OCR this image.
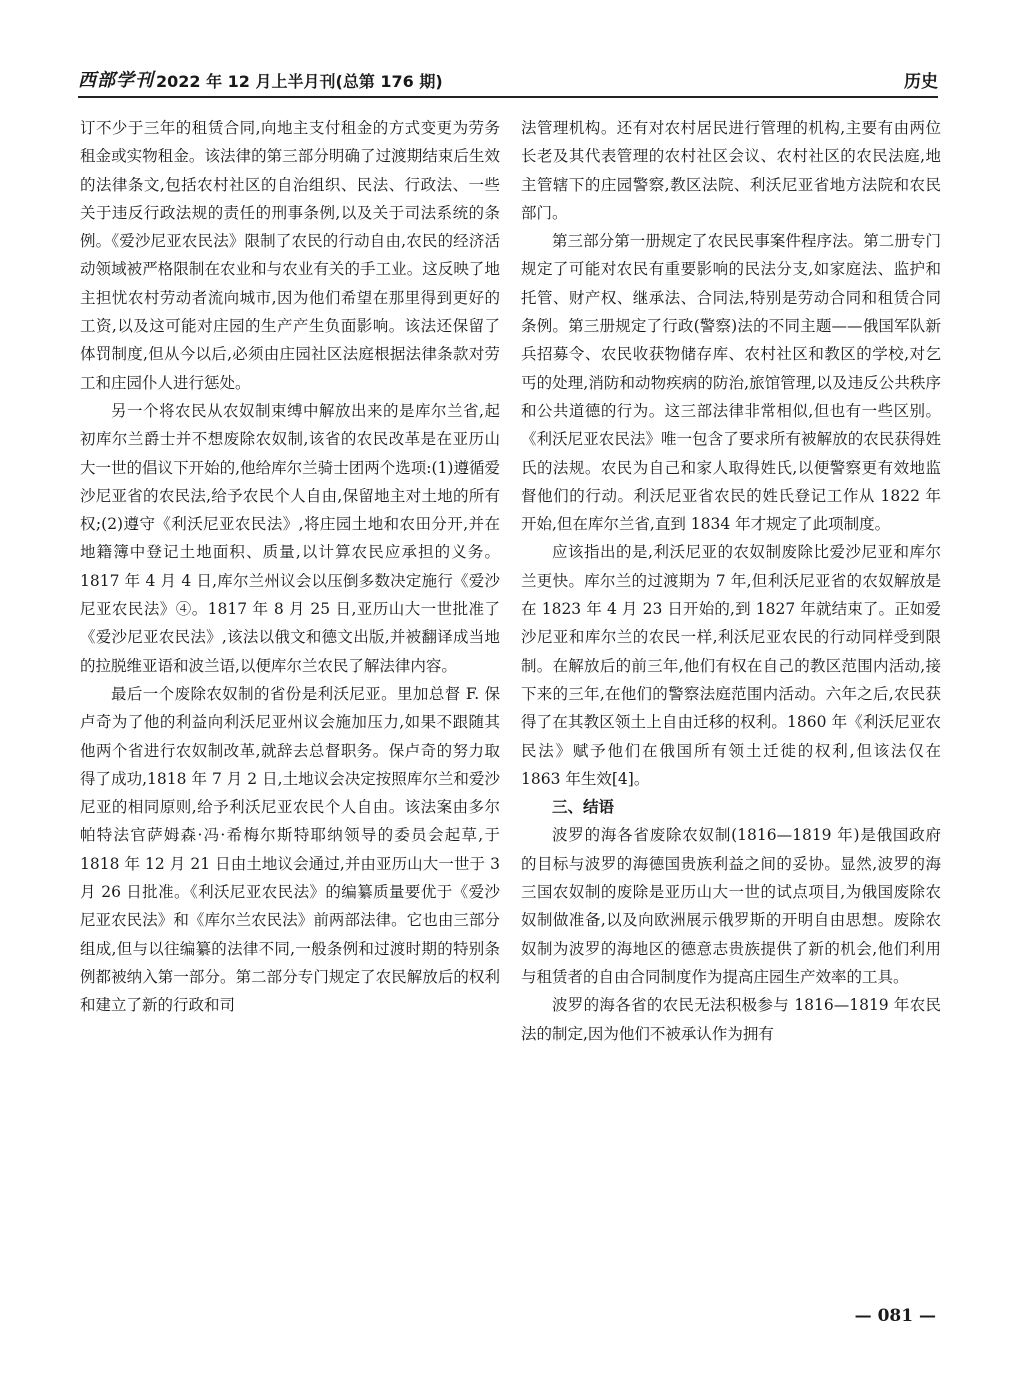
西部学刊 2022 年 12 月上半月刊(总第 176 期)	历史

订不少于三年的租赁合同,向地主支付租金的方式变更为劳务租金或实物租金。该法律的第三部分明确了过渡期结束后生效的法律条文,包括农村社区的自治组织、民法、行政法、一些关于违反行政法规的责任的刑事条例,以及关于司法系统的条例。《爱沙尼亚农民法》限制了农民的行动自由,农民的经济活动领域被严格限制在农业和与农业有关的手工业。这反映了地主担忧农村劳动者流向城市,因为他们希望在那里得到更好的工资,以及这可能对庄园的生产产生负面影响。该法还保留了体罚制度,但从今以后,必须由庄园社区法庭根据法律条款对劳工和庄园仆人进行惩处。

另一个将农民从农奴制束缚中解放出来的是库尔兰省,起初库尔兰爵士并不想废除农奴制,该省的农民改革是在亚历山大一世的倡议下开始的,他给库尔兰骑士团两个选项:(1)遵循爱沙尼亚省的农民法,给予农民个人自由,保留地主对土地的所有权;(2)遵守《利沃尼亚农民法》,将庄园土地和农田分开,并在地籍簿中登记土地面积、质量,以计算农民应承担的义务。1817 年 4 月 4 日,库尔兰州议会以压倒多数决定施行《爱沙尼亚农民法》④。1817 年 8 月 25 日,亚历山大一世批准了《爱沙尼亚农民法》,该法以俄文和德文出版,并被翻译成当地的拉脱维亚语和波兰语,以便库尔兰农民了解法律内容。

最后一个废除农奴制的省份是利沃尼亚。里加总督 F. 保卢奇为了他的利益向利沃尼亚州议会施加压力,如果不跟随其他两个省进行农奴制改革,就辞去总督职务。保卢奇的努力取得了成功,1818 年 7 月 2 日,土地议会决定按照库尔兰和爱沙尼亚的相同原则,给予利沃尼亚农民个人自由。该法案由多尔帕特法官萨姆森·冯·希梅尔斯特耶纳领导的委员会起草,于 1818 年 12 月 21 日由土地议会通过,并由亚历山大一世于 3 月 26 日批准。《利沃尼亚农民法》的编纂质量要优于《爱沙尼亚农民法》和《库尔兰农民法》前两部法律。它也由三部分组成,但与以往编纂的法律不同,一般条例和过渡时期的特别条例都被纳入第一部分。第二部分专门规定了农民解放后的权利和建立了新的行政和司

法管理机构。还有对农村居民进行管理的机构,主要有由两位长老及其代表管理的农村社区会议、农村社区的农民法庭,地主管辖下的庄园警察,教区法院、利沃尼亚省地方法院和农民部门。

第三部分第一册规定了农民民事案件程序法。第二册专门规定了可能对农民有重要影响的民法分支,如家庭法、监护和托管、财产权、继承法、合同法,特别是劳动合同和租赁合同条例。第三册规定了行政(警察)法的不同主题——俄国军队新兵招募令、农民收获物储存库、农村社区和教区的学校,对乞丐的处理,消防和动物疾病的防治,旅馆管理,以及违反公共秩序和公共道德的行为。这三部法律非常相似,但也有一些区别。《利沃尼亚农民法》唯一包含了要求所有被解放的农民获得姓氏的法规。农民为自己和家人取得姓氏,以便警察更有效地监督他们的行动。利沃尼亚省农民的姓氏登记工作从 1822 年开始,但在库尔兰省,直到 1834 年才规定了此项制度。

应该指出的是,利沃尼亚的农奴制废除比爱沙尼亚和库尔兰更快。库尔兰的过渡期为 7 年,但利沃尼亚省的农奴解放是在 1823 年 4 月 23 日开始的,到 1827 年就结束了。正如爱沙尼亚和库尔兰的农民一样,利沃尼亚农民的行动同样受到限制。在解放后的前三年,他们有权在自己的教区范围内活动,接下来的三年,在他们的警察法庭范围内活动。六年之后,农民获得了在其教区领土上自由迁移的权利。1860 年《利沃尼亚农民法》赋予他们在俄国所有领土迁徙的权利,但该法仅在 1863 年生效[4]。

三、结语

波罗的海各省废除农奴制(1816—1819 年)是俄国政府的目标与波罗的海德国贵族利益之间的妥协。显然,波罗的海三国农奴制的废除是亚历山大一世的试点项目,为俄国废除农奴制做准备,以及向欧洲展示俄罗斯的开明自由思想。废除农奴制为波罗的海地区的德意志贵族提供了新的机会,他们利用与租赁者的自由合同制度作为提高庄园生产效率的工具。

波罗的海各省的农民无法积极参与 1816—1819 年农民法的制定,因为他们不被承认作为拥有

— 081 —
